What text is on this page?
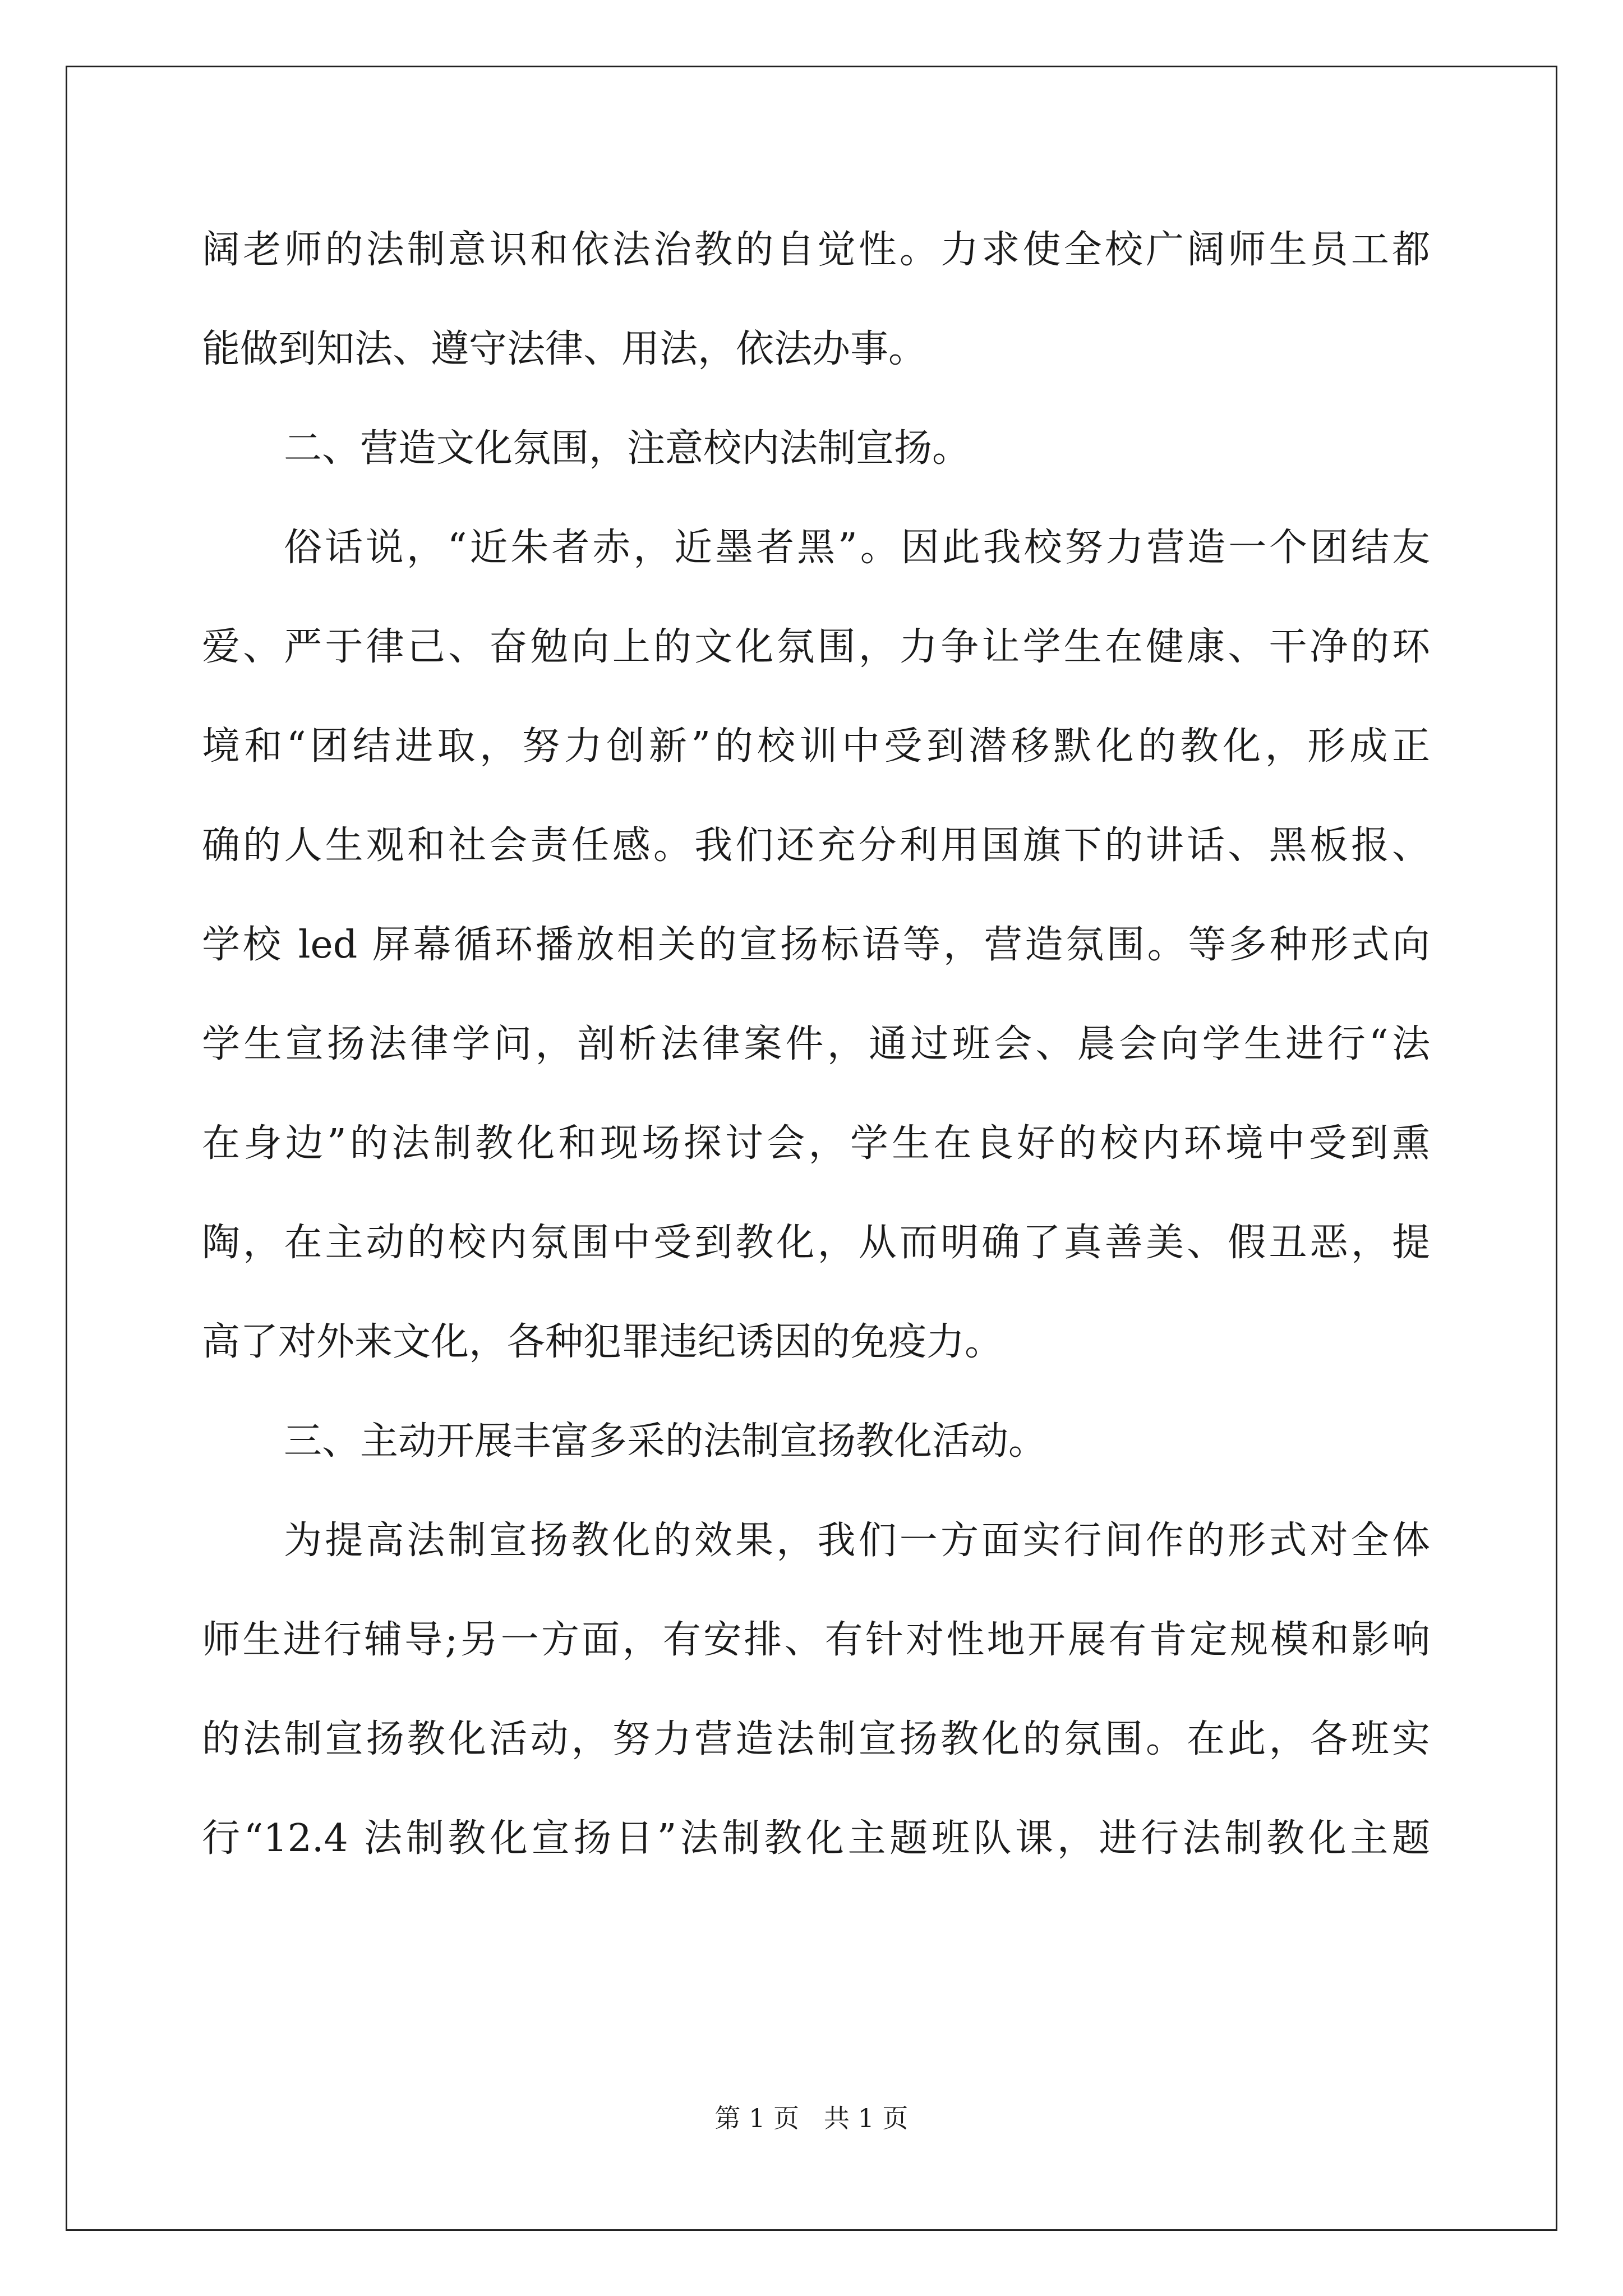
阔老师的法制意识和依法治教的自觉性。力求使全校广阔师生员工都
能做到知法、遵守法律、用法，依法办事。
二、营造文化氛围，注意校内法制宣扬。
俗话说，“近朱者赤，近墨者黑”。因此我校努力营造一个团结友
爱、严于律己、奋勉向上的文化氛围，力争让学生在健康、干净的环
境和“团结进取，努力创新”的校训中受到潜移默化的教化，形成正
确的人生观和社会责任感。我们还充分利用国旗下的讲话、黑板报、
学校 led 屏幕循环播放相关的宣扬标语等，营造氛围。等多种形式向
学生宣扬法律学问，剖析法律案件，通过班会、晨会向学生进行“法
在身边”的法制教化和现场探讨会，学生在良好的校内环境中受到熏
陶，在主动的校内氛围中受到教化，从而明确了真善美、假丑恶，提
高了对外来文化，各种犯罪违纪诱因的免疫力。
三、主动开展丰富多采的法制宣扬教化活动。
为提高法制宣扬教化的效果，我们一方面实行间作的形式对全体
师生进行辅导;另一方面，有安排、有针对性地开展有肯定规模和影响
的法制宣扬教化活动，努力营造法制宣扬教化的氛围。在此，各班实
行“12.4 法制教化宣扬日”法制教化主题班队课，进行法制教化主题
第 1 页   共 1 页
